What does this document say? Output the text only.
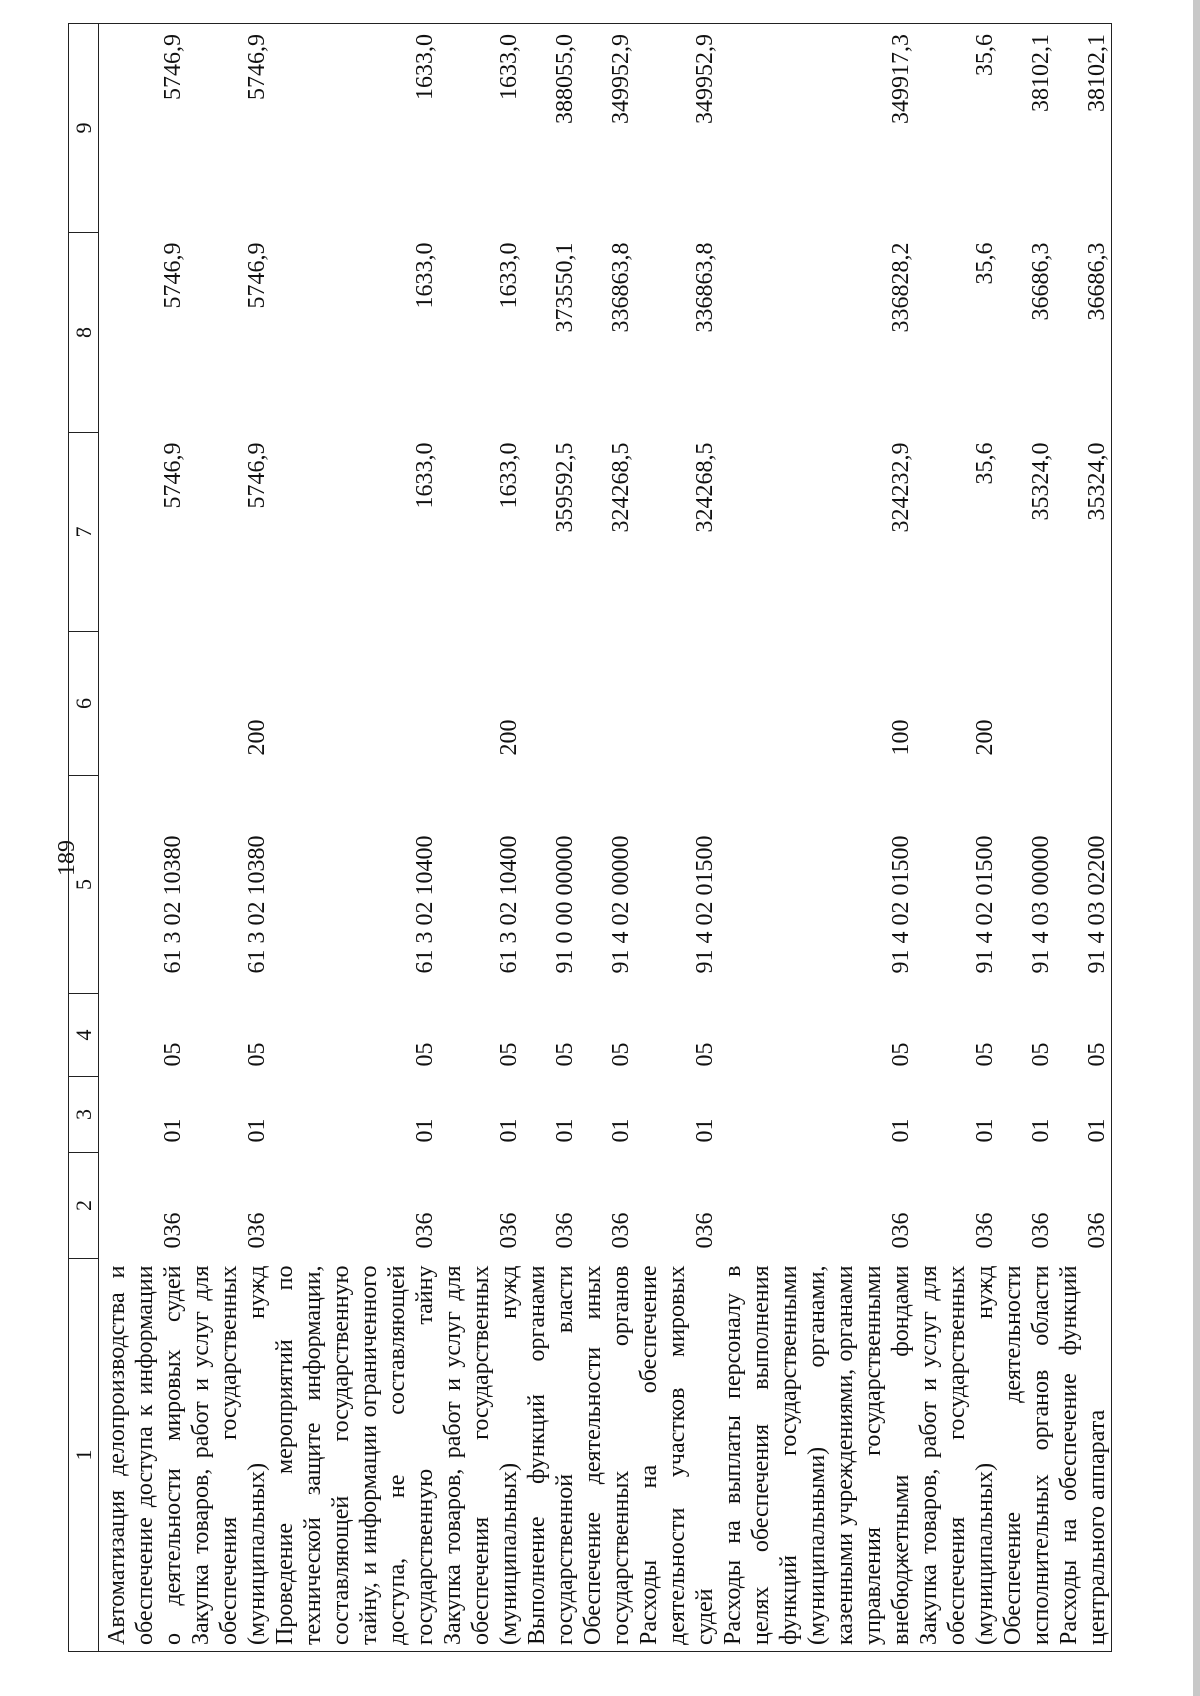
189
1	2	3	4	5	6	7	8	9
Автоматизация делопроизводства и обеспечение доступа к информации о деятельности мировых судей	036	01	05	61 3 02 10380		5746,9	5746,9	5746,9
Закупка товаров, работ и услуг для обеспечения государственных (муниципальных) нужд	036	01	05	61 3 02 10380	200	5746,9	5746,9	5746,9
Проведение мероприятий по технической защите информации, составляющей государственную тайну, и информации ограниченного доступа, не составляющей государственную тайну	036	01	05	61 3 02 10400		1633,0	1633,0	1633,0
Закупка товаров, работ и услуг для обеспечения государственных (муниципальных) нужд	036	01	05	61 3 02 10400	200	1633,0	1633,0	1633,0
Выполнение функций органами государственной власти	036	01	05	91 0 00 00000		359592,5	373550,1	388055,0
Обеспечение деятельности иных государственных органов	036	01	05	91 4 02 00000		324268,5	336863,8	349952,9
Расходы на обеспечение деятельности участков мировых судей	036	01	05	91 4 02 01500		324268,5	336863,8	349952,9
Расходы на выплаты персоналу в целях обеспечения выполнения функций государственными (муниципальными) органами, казенными учреждениями, органами управления государственными внебюджетными фондами	036	01	05	91 4 02 01500	100	324232,9	336828,2	349917,3
Закупка товаров, работ и услуг для обеспечения государственных (муниципальных) нужд	036	01	05	91 4 02 01500	200	35,6	35,6	35,6
Обеспечение деятельности исполнительных органов области	036	01	05	91 4 03 00000		35324,0	36686,3	38102,1
Расходы на обеспечение функций центрального аппарата	036	01	05	91 4 03 02200		35324,0	36686,3	38102,1
